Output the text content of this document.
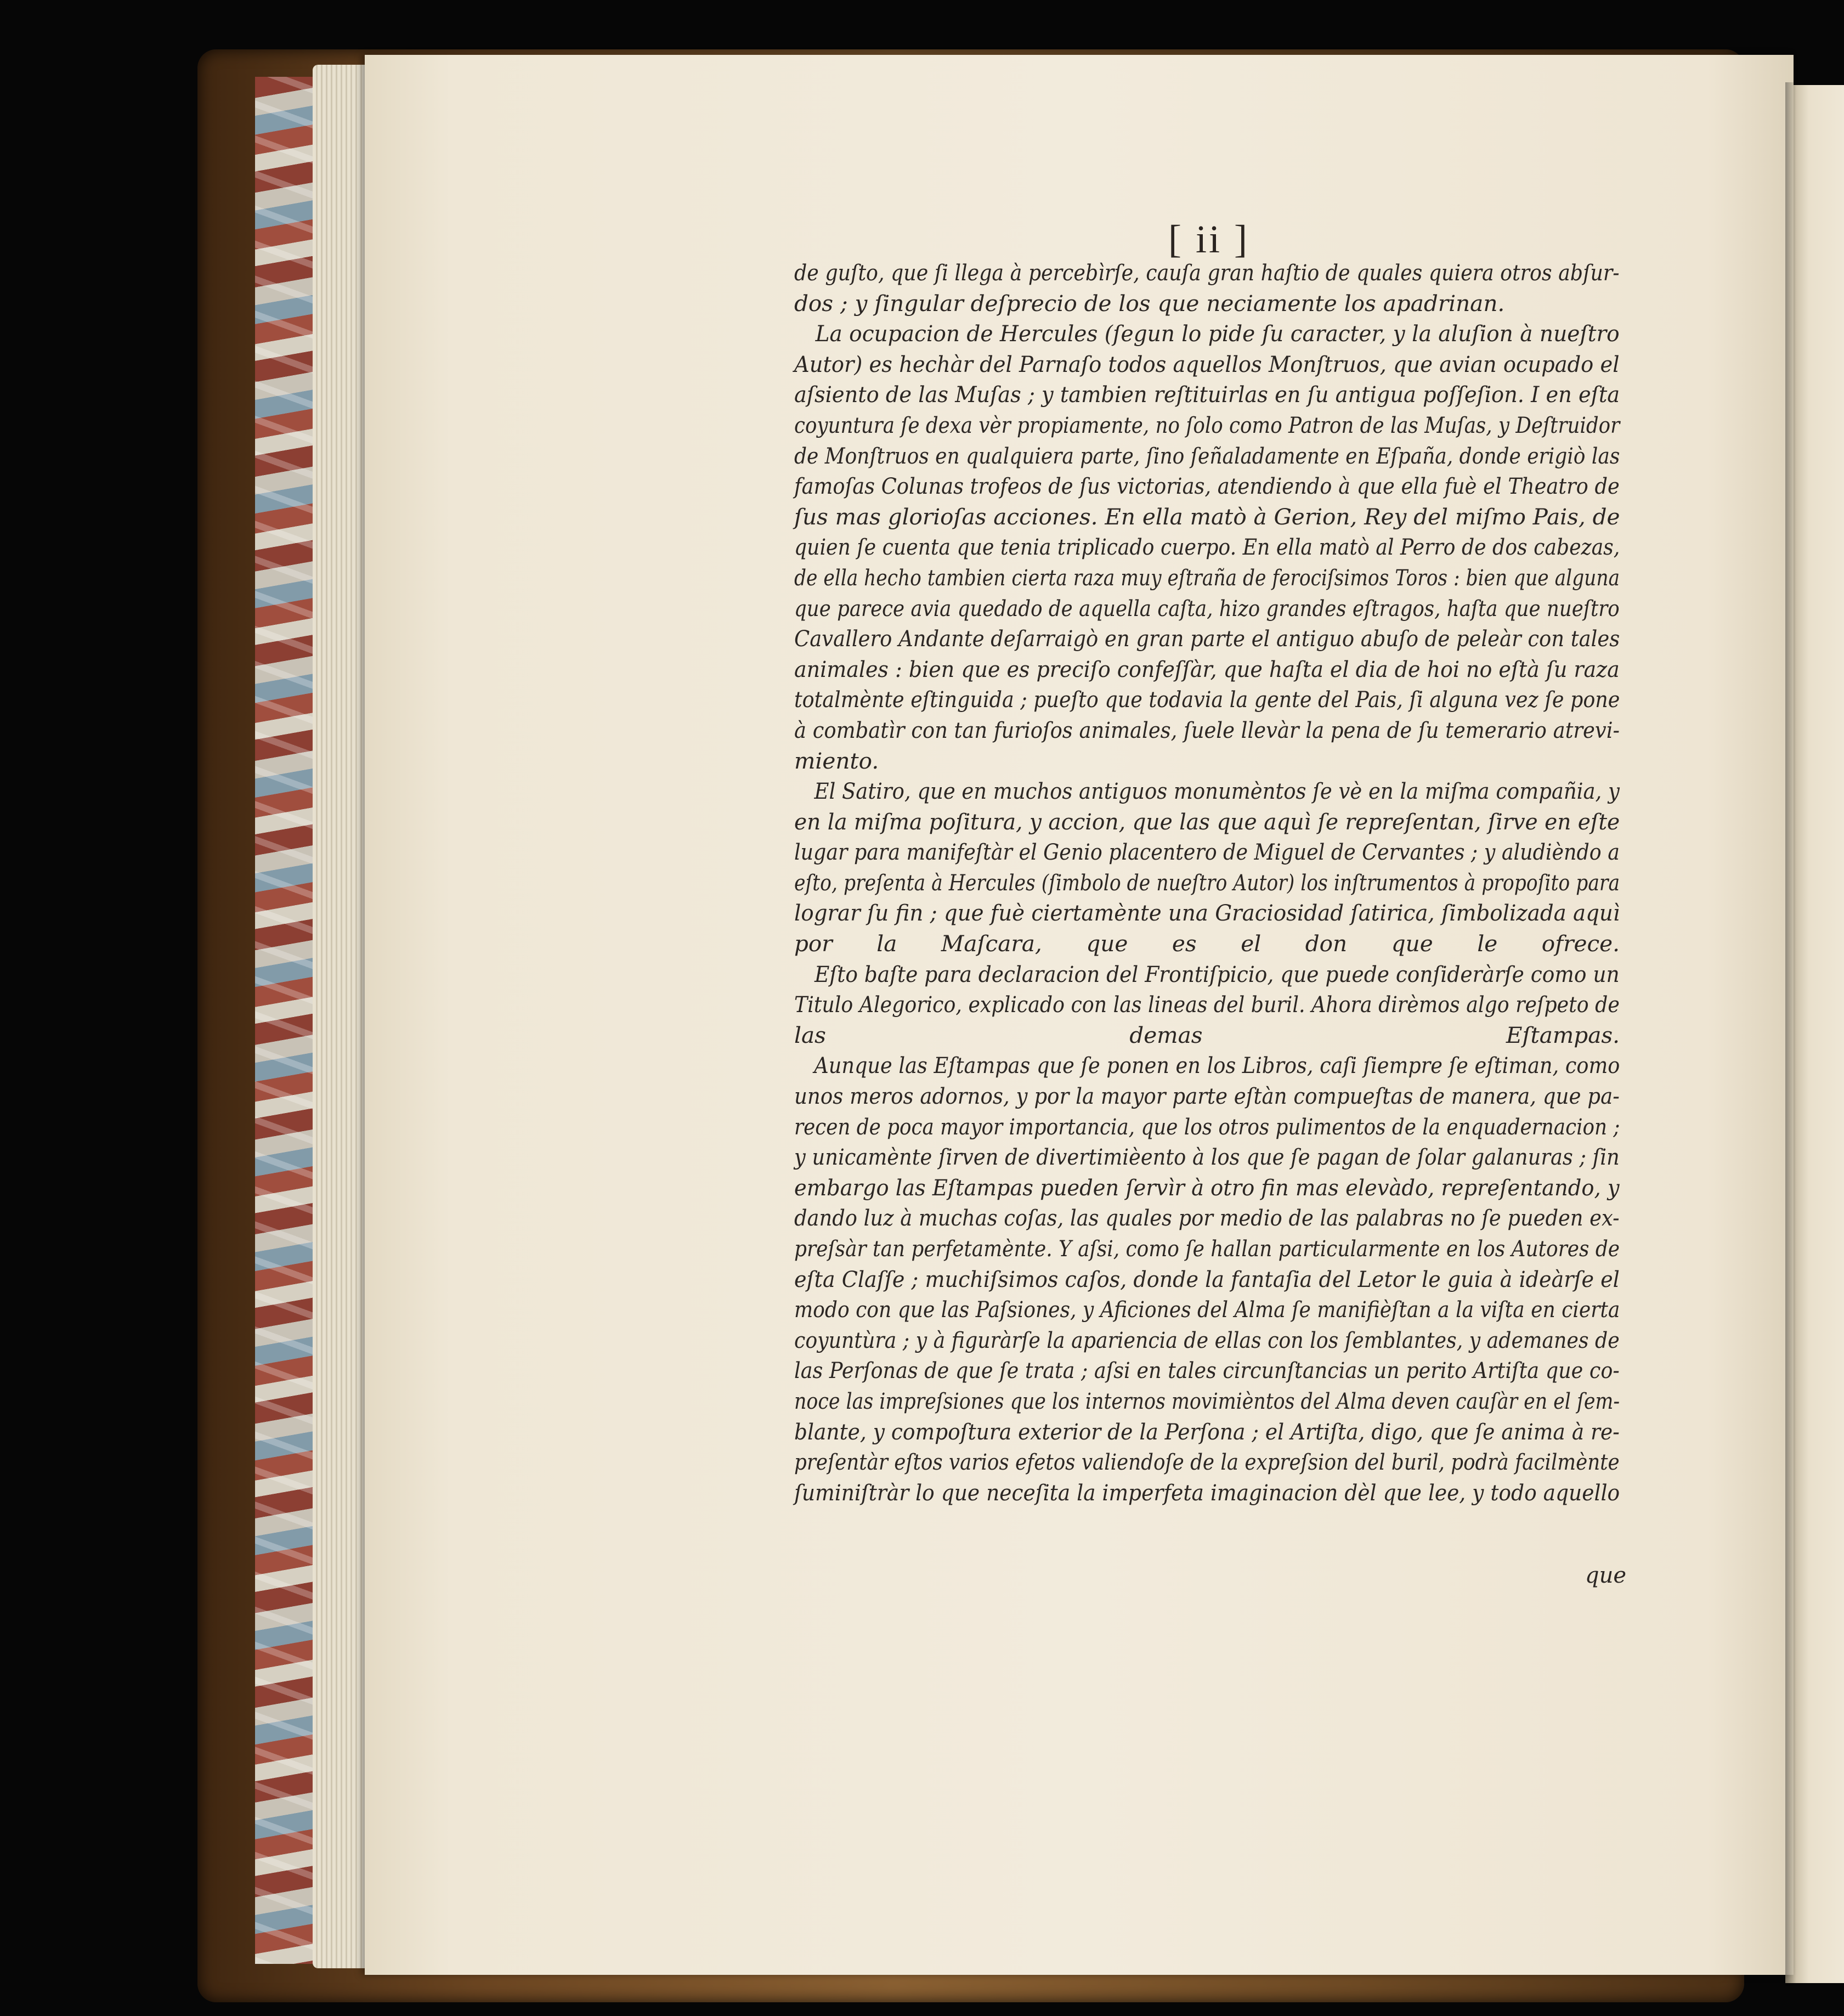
[ ii ]
de guſto, que ſi llega à percebìrſe, cauſa gran haſtio de quales quiera otros abſur-
dos ; y ſingular deſprecio de los que neciamente los apadrinan.
La ocupacion de Hercules (ſegun lo pide ſu caracter, y la aluſion à nueſtro
Autor) es hechàr del Parnaſo todos aquellos Monſtruos, que avian ocupado el
aſsiento de las Muſas ; y tambien reſtituirlas en ſu antigua poſſeſion. I en eſta
coyuntura ſe dexa vèr propiamente, no ſolo como Patron de las Muſas, y Deſtruidor
de Monſtruos en qualquiera parte, ſino ſeñaladamente en Eſpaña, donde erigiò las
famoſas Colunas trofeos de ſus victorias, atendiendo à que ella fuè el Theatro de
ſus mas glorioſas acciones. En ella matò à Gerion, Rey del miſmo Pais, de
quien ſe cuenta que tenia triplicado cuerpo. En ella matò al Perro de dos cabezas,
de ella hecho tambien cierta raza muy eſtraña de ferociſsimos Toros : bien que alguna
que parece avia quedado de aquella caſta, hizo grandes eſtragos, haſta que nueſtro
Cavallero Andante deſarraigò en gran parte el antiguo abuſo de peleàr con tales
animales : bien que es preciſo confeſſàr, que haſta el dia de hoi no eſtà ſu raza
totalmènte eſtinguida ; pueſto que todavia la gente del Pais, ſi alguna vez ſe pone
à combatìr con tan furioſos animales, ſuele llevàr la pena de ſu temerario atrevi-
miento.
El Satiro, que en muchos antiguos monumèntos ſe vè en la miſma compañia, y
en la miſma poſitura, y accion, que las que aquì ſe repreſentan, ſirve en eſte
lugar para manifeſtàr el Genio placentero de Miguel de Cervantes ; y aludièndo a
eſto, preſenta à Hercules (ſimbolo de nueſtro Autor) los inſtrumentos à propoſito para
lograr ſu fin ; que fuè ciertamènte una Graciosidad ſatirica, ſimbolizada aquì
por la Maſcara, que es el don que le ofrece.
Eſto baſte para declaracion del Frontiſpicio, que puede conſideràrſe como un
Titulo Alegorico, explicado con las lineas del buril. Ahora dirèmos algo reſpeto de
las demas Eſtampas.
Aunque las Eſtampas que ſe ponen en los Libros, caſi ſiempre ſe eſtiman, como
unos meros adornos, y por la mayor parte eſtàn compueſtas de manera, que pa-
recen de poca mayor importancia, que los otros pulimentos de la enquadernacion ;
y unicamènte ſirven de divertimièento à los que ſe pagan de ſolar galanuras ; ſin
embargo las Eſtampas pueden ſervìr à otro fin mas elevàdo, repreſentando, y
dando luz à muchas coſas, las quales por medio de las palabras no ſe pueden ex-
preſsàr tan perfetamènte. Y aſsi, como ſe hallan particularmente en los Autores de
eſta Claſſe ; muchiſsimos caſos, donde la fantaſia del Letor le guia à ideàrſe el
modo con que las Paſsiones, y Aficiones del Alma ſe manifièſtan a la viſta en cierta
coyuntùra ; y à figuràrſe la apariencia de ellas con los ſemblantes, y ademanes de
las Perſonas de que ſe trata ; aſsi en tales circunſtancias un perito Artiſta que co-
noce las impreſsiones que los internos movimièntos del Alma deven cauſàr en el ſem-
blante, y compoſtura exterior de la Perſona ; el Artiſta, digo, que ſe anima à re-
preſentàr eſtos varios efetos valiendoſe de la expreſsion del buril, podrà facilmènte
ſuminiſtràr lo que neceſita la imperfeta imaginacion dèl que lee, y todo aquello
que
